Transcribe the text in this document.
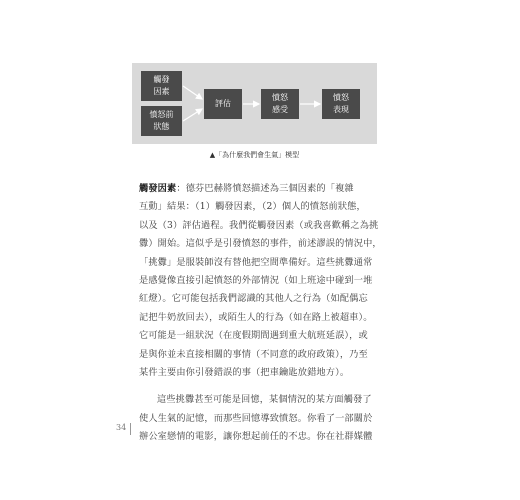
觸發
因素
憤怒前
狀態
評估
憤怒
感受
憤怒
表現
▲「為什麼我們會生氣」模型
觸發因素：德芬巴赫將憤怒描述為三個因素的「複雜
互動」結果：（1）觸發因素，（2）個人的憤怒前狀態，
以及（3）評估過程。我們從觸發因素（或我喜歡稱之為挑
釁）開始。這似乎是引發憤怒的事件，前述謬誤的情況中，
「挑釁」是服裝師沒有替他把空間準備好。這些挑釁通常
是感覺像直接引起憤怒的外部情況（如上班途中碰到一堆
紅燈）。它可能包括我們認識的其他人之行為（如配偶忘
記把牛奶放回去），或陌生人的行為（如在路上被超車）。
它可能是一組狀況（在度假期間遇到重大航班延誤），或
是與你並未直接相關的事情（不同意的政府政策），乃至
某件主要由你引發錯誤的事（把車鑰匙放錯地方）。
這些挑釁甚至可能是回憶，某個情況的某方面觸發了
使人生氣的記憶，而那些回憶導致憤怒。你看了一部關於
辦公室戀情的電影，讓你想起前任的不忠。你在社群媒體
34
